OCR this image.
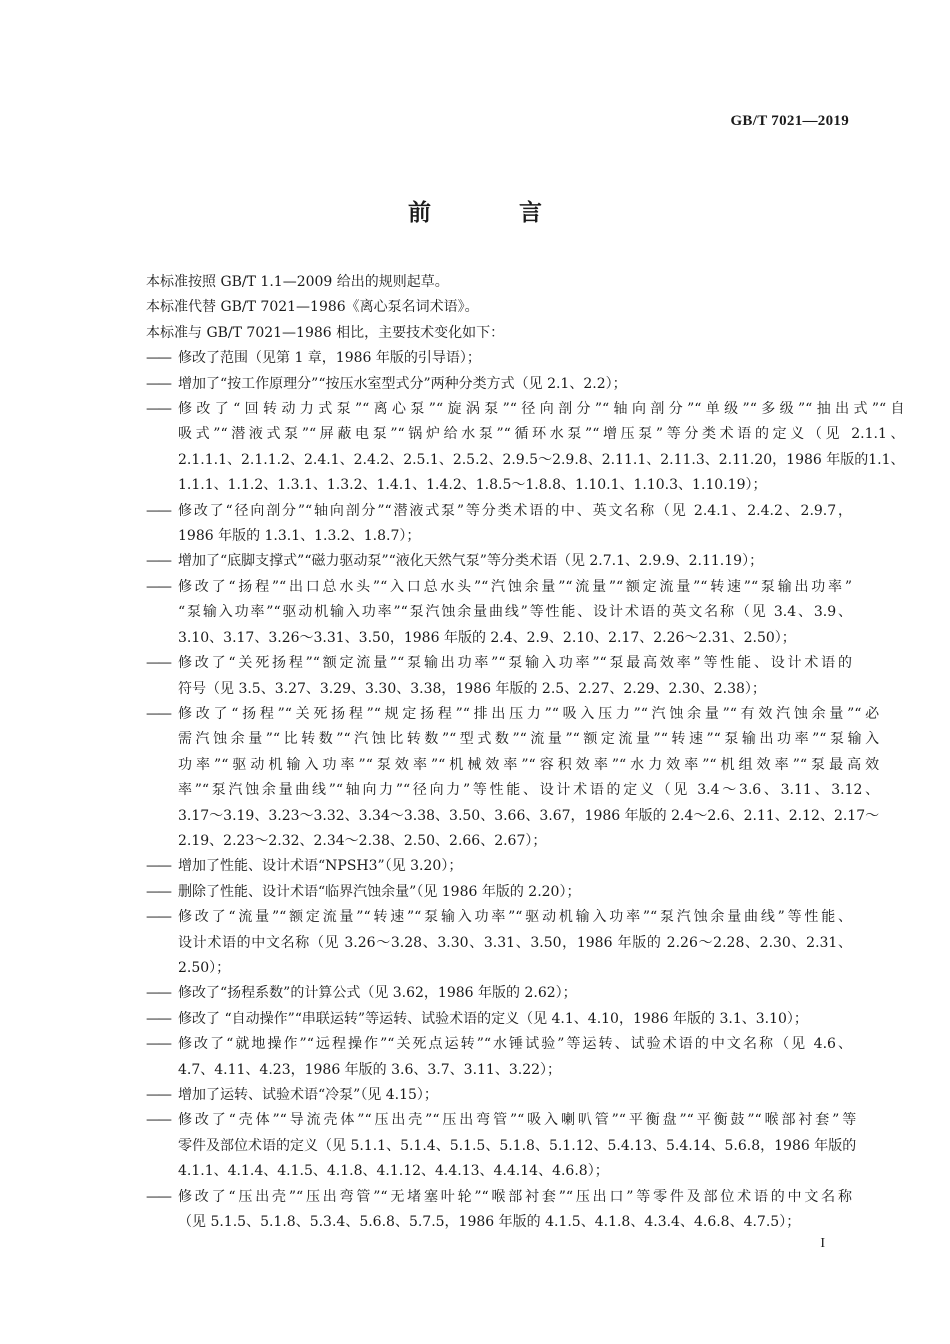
GB/T 7021—2019
前 言

本标准按照 GB/T 1.1—2009 给出的规则起草。

本标准代替 GB/T 7021—1986《离心泵名词术语》。

本标准与 GB/T 7021—1986 相比，主要技术变化如下：

—— 修改了范围（见第 1 章，1986 年版的引导语）；
—— 增加了“按工作原理分”“按压水室型式分”两种分类方式（见 2.1、2.2）；
—— 修改了“回转动力式泵”“离心泵”“旋涡泵”“径向剖分”“轴向剖分”“单级”“多级”“抽出式”“自
吸式”“潜液式泵”“屏蔽电泵”“锅炉给水泵”“循环水泵”“增压泵”等分类术语的定义（见 2.1.1、
2.1.1.1、2.1.1.2、2.4.1、2.4.2、2.5.1、2.5.2、2.9.5～2.9.8、2.11.1、2.11.3、2.11.20，1986 年版的1.1、
1.1.1、1.1.2、1.3.1、1.3.2、1.4.1、1.4.2、1.8.5～1.8.8、1.10.1、1.10.3、1.10.19）；
—— 修改了“径向剖分”“轴向剖分”“潜液式泵”等分类术语的中、英文名称（见 2.4.1、2.4.2、2.9.7，
1986 年版的 1.3.1、1.3.2、1.8.7）；
—— 增加了“底脚支撑式”“磁力驱动泵”“液化天然气泵”等分类术语（见 2.7.1、2.9.9、2.11.19）；
—— 修改了“扬程”“出口总水头”“入口总水头”“汽蚀余量”“流量”“额定流量”“转速”“泵输出功率”
“泵输入功率”“驱动机输入功率”“泵汽蚀余量曲线”等性能、设计术语的英文名称（见 3.4、3.9、
3.10、3.17、3.26～3.31、3.50，1986 年版的 2.4、2.9、2.10、2.17、2.26～2.31、2.50）；
—— 修改了“关死扬程”“额定流量”“泵输出功率”“泵输入功率”“泵最高效率”等性能、设计术语的
符号（见 3.5、3.27、3.29、3.30、3.38，1986 年版的 2.5、2.27、2.29、2.30、2.38）；
—— 修改了“扬程”“关死扬程”“规定扬程”“排出压力”“吸入压力”“汽蚀余量”“有效汽蚀余量”“必
需汽蚀余量”“比转数”“汽蚀比转数”“型式数”“流量”“额定流量”“转速”“泵输出功率”“泵输入
功率”“驱动机输入功率”“泵效率”“机械效率”“容积效率”“水力效率”“机组效率”“泵最高效
率”“泵汽蚀余量曲线”“轴向力”“径向力”等性能、设计术语的定义（见 3.4～3.6、3.11、3.12、
3.17～3.19、3.23～3.32、3.34～3.38、3.50、3.66、3.67，1986 年版的 2.4～2.6、2.11、2.12、2.17～
2.19、2.23～2.32、2.34～2.38、2.50、2.66、2.67）；
—— 增加了性能、设计术语“NPSH3”（见 3.20）；
—— 删除了性能、设计术语“临界汽蚀余量”（见 1986 年版的 2.20）；
—— 修改了“流量”“额定流量”“转速”“泵输入功率”“驱动机输入功率”“泵汽蚀余量曲线”等性能、
设计术语的中文名称（见 3.26～3.28、3.30、3.31、3.50，1986 年版的 2.26～2.28、2.30、2.31、
2.50）；
—— 修改了“扬程系数”的计算公式（见 3.62，1986 年版的 2.62）；
—— 修改了 “自动操作”“串联运转”等运转、试验术语的定义（见 4.1、4.10，1986 年版的 3.1、3.10）；
—— 修改了“就地操作”“远程操作”“关死点运转”“水锤试验”等运转、试验术语的中文名称（见 4.6、
4.7、4.11、4.23，1986 年版的 3.6、3.7、3.11、3.22）；
—— 增加了运转、试验术语“冷泵”（见 4.15）；
—— 修改了“壳体”“导流壳体”“压出壳”“压出弯管”“吸入喇叭管”“平衡盘”“平衡鼓”“喉部衬套”等
零件及部位术语的定义（见 5.1.1、5.1.4、5.1.5、5.1.8、5.1.12、5.4.13、5.4.14、5.6.8，1986 年版的
4.1.1、4.1.4、4.1.5、4.1.8、4.1.12、4.4.13、4.4.14、4.6.8）；
—— 修改了“压出壳”“压出弯管”“无堵塞叶轮”“喉部衬套”“压出口”等零件及部位术语的中文名称
（见 5.1.5、5.1.8、5.3.4、5.6.8、5.7.5，1986 年版的 4.1.5、4.1.8、4.3.4、4.6.8、4.7.5）；
I
